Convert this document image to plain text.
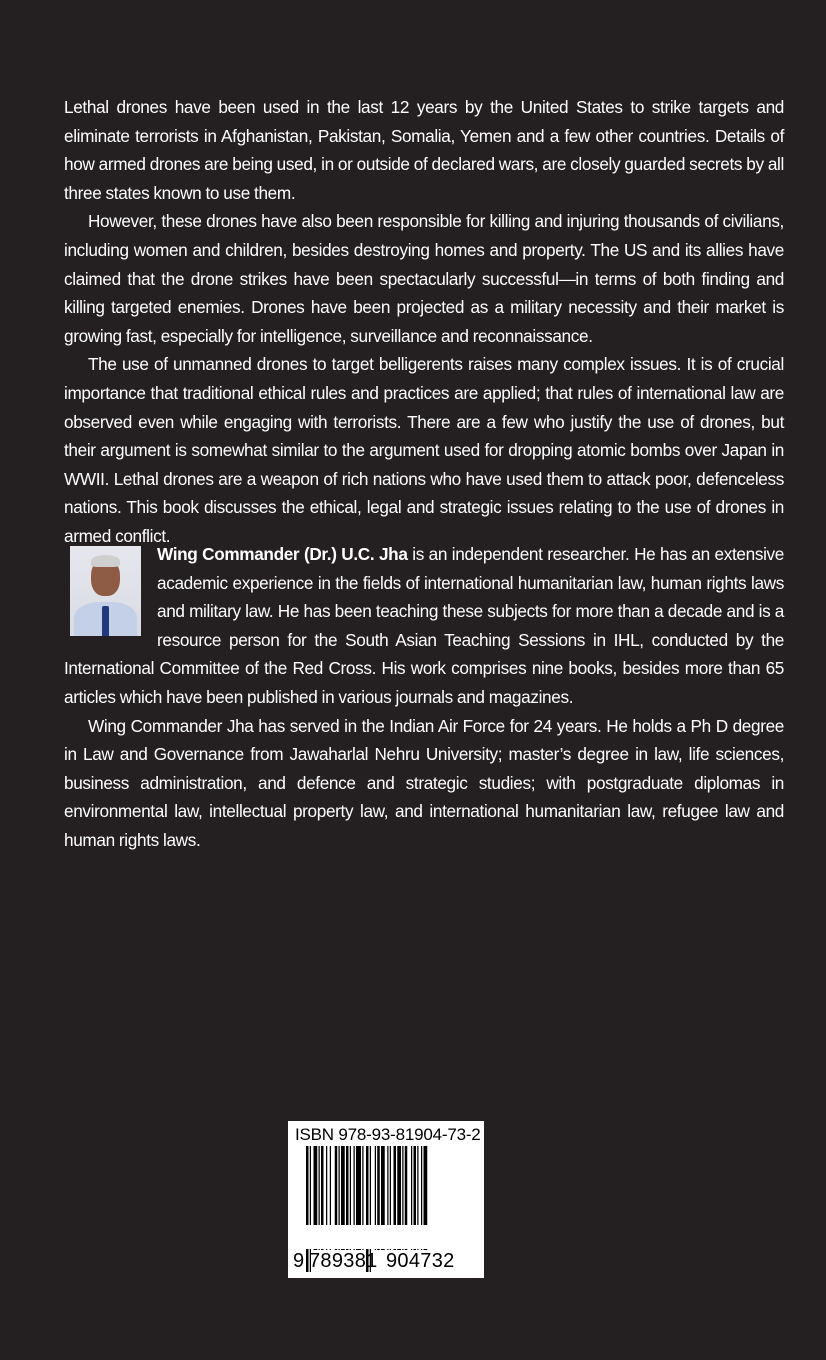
Lethal drones have been used in the last 12 years by the United States to strike targets and eliminate terrorists in Afghanistan, Pakistan, Somalia, Yemen and a few other countries. Details of how armed drones are being used, in or outside of declared wars, are closely guarded secrets by all three states known to use them.

However, these drones have also been responsible for killing and injuring thousands of civilians, including women and children, besides destroying homes and property. The US and its allies have claimed that the drone strikes have been spectacularly successful—in terms of both finding and killing targeted enemies. Drones have been projected as a military necessity and their market is growing fast, especially for intelligence, surveillance and reconnaissance.

The use of unmanned drones to target belligerents raises many complex issues. It is of crucial importance that traditional ethical rules and practices are applied; that rules of international law are observed even while engaging with terrorists. There are a few who justify the use of drones, but their argument is somewhat similar to the argument used for dropping atomic bombs over Japan in WWII. Lethal drones are a weapon of rich nations who have used them to attack poor, defenceless nations. This book discusses the ethical, legal and strategic issues relating to the use of drones in armed conflict.

Wing Commander (Dr.) U.C. Jha is an independent researcher. He has an extensive academic experience in the fields of international humanitarian law, human rights laws and military law. He has been teaching these subjects for more than a decade and is a resource person for the South Asian Teaching Sessions in IHL, conducted by the International Committee of the Red Cross. His work comprises nine books, besides more than 65 articles which have been published in various journals and magazines.

Wing Commander Jha has served in the Indian Air Force for 24 years. He holds a Ph D degree in Law and Governance from Jawaharlal Nehru University; master’s degree in law, life sciences, business administration, and defence and strategic studies; with postgraduate diplomas in environmental law, intellectual property law, and international humanitarian law, refugee law and human rights laws.

ISBN 978-93-81904-73-2
9 789381 904732
